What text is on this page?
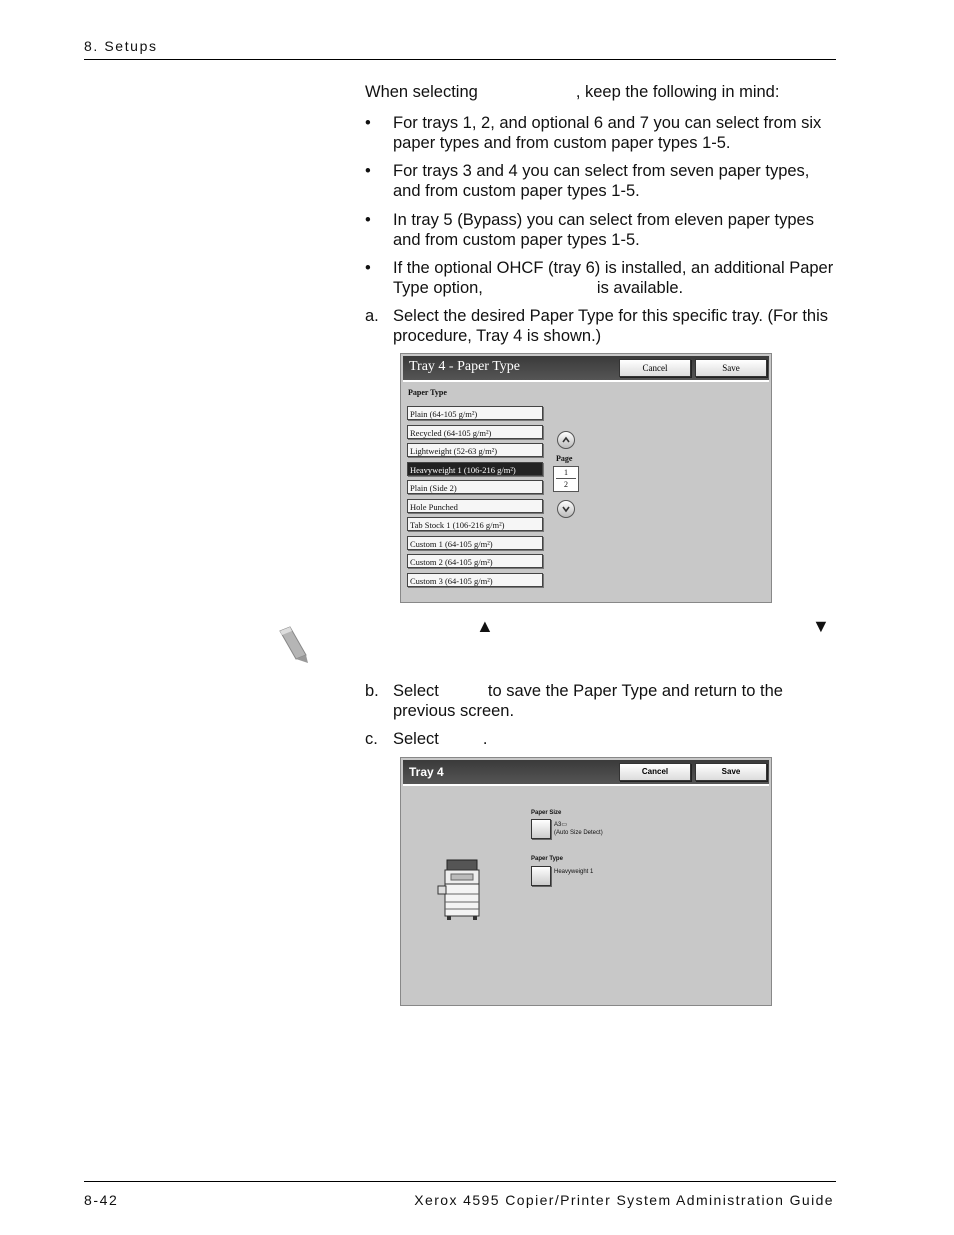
8. Setups
When selecting	, keep the following in mind:

• For trays 1, 2, and optional 6 and 7 you can select from six paper types and from custom paper types 1-5.

• For trays 3 and 4 you can select from seven paper types, and from custom paper types 1-5.

• In tray 5 (Bypass) you can select from eleven paper types and from custom paper types 1-5.

• If the optional OHCF (tray 6) is installed, an additional Paper Type option,	is available.

a. Select the desired Paper Type for this specific tray. (For this procedure, Tray 4 is shown.)

Tray 4 - Paper Type	Cancel	Save
Paper Type
Plain (64-105 g/m²)
Recycled (64-105 g/m²)
Lightweight (52-63 g/m²)
Heavyweight 1 (106-216 g/m²)
Plain (Side 2)
Hole Punched
Tab Stock 1 (106-216 g/m²)
Custom 1 (64-105 g/m²)
Custom 2 (64-105 g/m²)
Custom 3 (64-105 g/m²)
Page
1
2
▲	▼

b. Select	to save the Paper Type and return to the previous screen.

c. Select	.

Tray 4	Cancel	Save
Paper Size
A3▭
(Auto Size Detect)
Paper Type
Heavyweight 1
8-42	Xerox 4595 Copier/Printer System Administration Guide
